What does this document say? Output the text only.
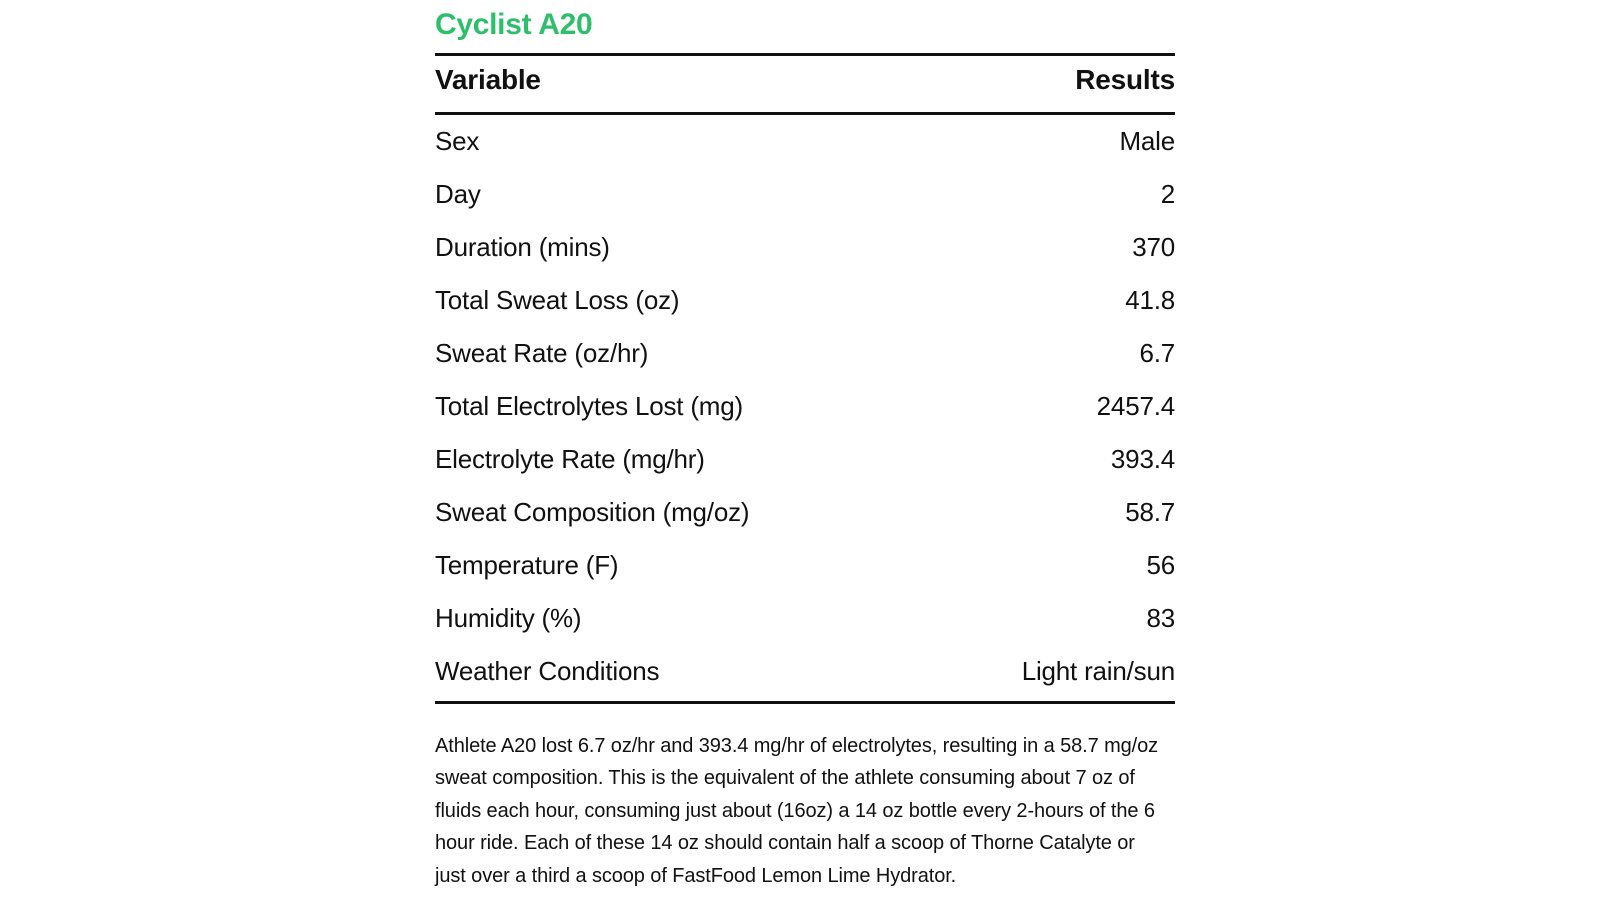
Cyclist A20
Variable	Results
Sex	Male
Day	2
Duration (mins)	370
Total Sweat Loss (oz)	41.8
Sweat Rate (oz/hr)	6.7
Total Electrolytes Lost (mg)	2457.4
Electrolyte Rate (mg/hr)	393.4
Sweat Composition (mg/oz)	58.7
Temperature (F)	56
Humidity (%)	83
Weather Conditions	Light rain/sun

Athlete A20 lost 6.7 oz/hr and 393.4 mg/hr of electrolytes, resulting in a 58.7 mg/oz sweat composition. This is the equivalent of the athlete consuming about 7 oz of fluids each hour, consuming just about (16oz) a 14 oz bottle every 2-hours of the 6 hour ride. Each of these 14 oz should contain half a scoop of Thorne Catalyte or just over a third a scoop of FastFood Lemon Lime Hydrator.
